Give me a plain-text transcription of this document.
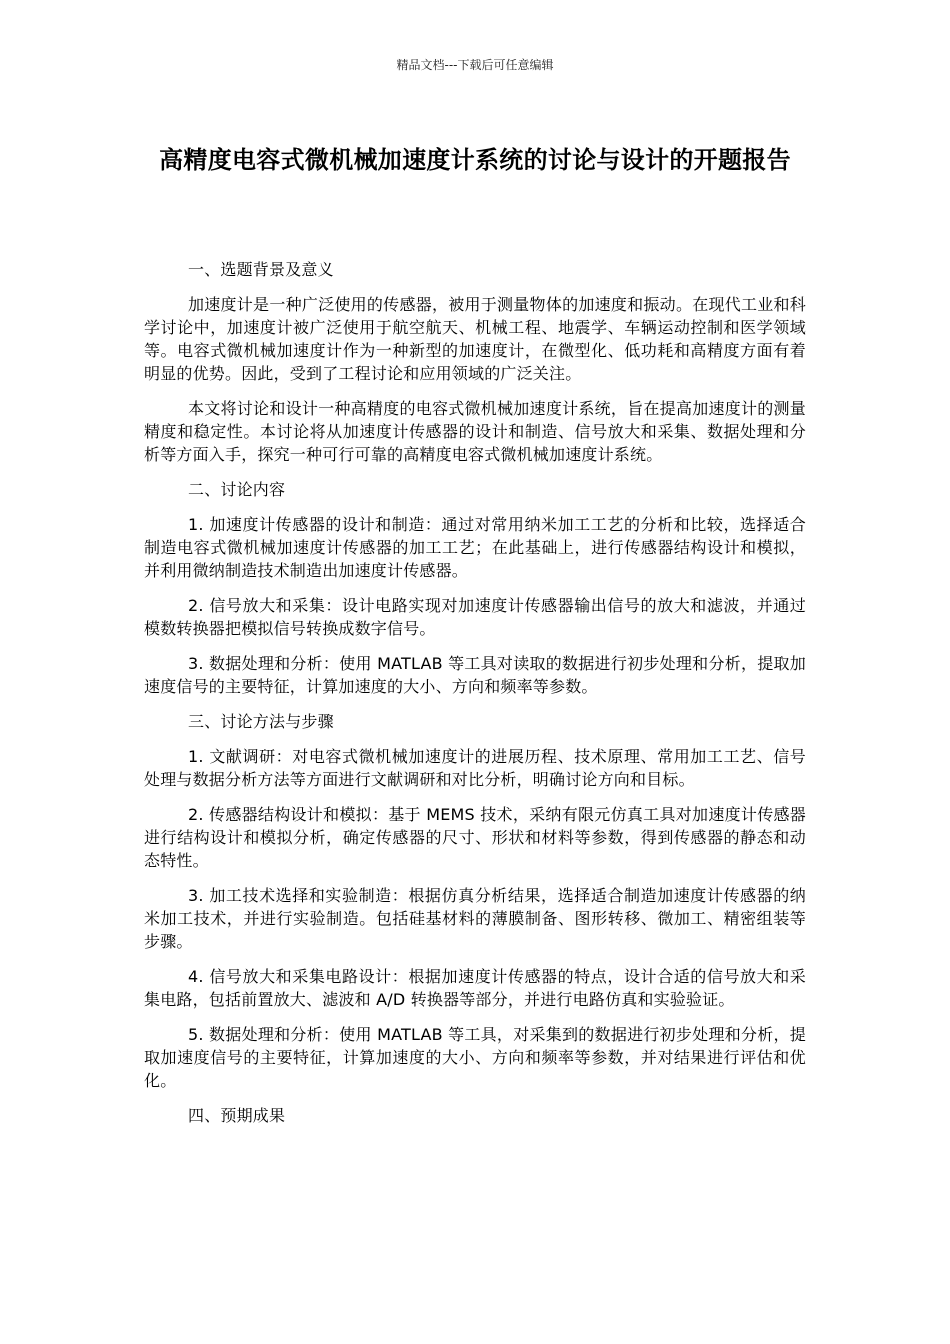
精品文档---下载后可任意编辑
高精度电容式微机械加速度计系统的讨论与设计的开题报告

一、选题背景及意义

加速度计是一种广泛使用的传感器，被用于测量物体的加速度和振动。在现代工业和科学讨论中，加速度计被广泛使用于航空航天、机械工程、地震学、车辆运动控制和医学领域等。电容式微机械加速度计作为一种新型的加速度计，在微型化、低功耗和高精度方面有着明显的优势。因此，受到了工程讨论和应用领域的广泛关注。

本文将讨论和设计一种高精度的电容式微机械加速度计系统，旨在提高加速度计的测量精度和稳定性。本讨论将从加速度计传感器的设计和制造、信号放大和采集、数据处理和分析等方面入手，探究一种可行可靠的高精度电容式微机械加速度计系统。

二、讨论内容

1. 加速度计传感器的设计和制造：通过对常用纳米加工工艺的分析和比较，选择适合制造电容式微机械加速度计传感器的加工工艺；在此基础上，进行传感器结构设计和模拟，并利用微纳制造技术制造出加速度计传感器。

2. 信号放大和采集：设计电路实现对加速度计传感器输出信号的放大和滤波，并通过模数转换器把模拟信号转换成数字信号。

3. 数据处理和分析：使用 MATLAB 等工具对读取的数据进行初步处理和分析，提取加速度信号的主要特征，计算加速度的大小、方向和频率等参数。

三、讨论方法与步骤

1. 文献调研：对电容式微机械加速度计的进展历程、技术原理、常用加工工艺、信号处理与数据分析方法等方面进行文献调研和对比分析，明确讨论方向和目标。

2. 传感器结构设计和模拟：基于 MEMS 技术，采纳有限元仿真工具对加速度计传感器进行结构设计和模拟分析，确定传感器的尺寸、形状和材料等参数，得到传感器的静态和动态特性。

3. 加工技术选择和实验制造：根据仿真分析结果，选择适合制造加速度计传感器的纳米加工技术，并进行实验制造。包括硅基材料的薄膜制备、图形转移、微加工、精密组装等步骤。

4. 信号放大和采集电路设计：根据加速度计传感器的特点，设计合适的信号放大和采集电路，包括前置放大、滤波和 A/D 转换器等部分，并进行电路仿真和实验验证。

5. 数据处理和分析：使用 MATLAB 等工具，对采集到的数据进行初步处理和分析，提取加速度信号的主要特征，计算加速度的大小、方向和频率等参数，并对结果进行评估和优化。

四、预期成果
